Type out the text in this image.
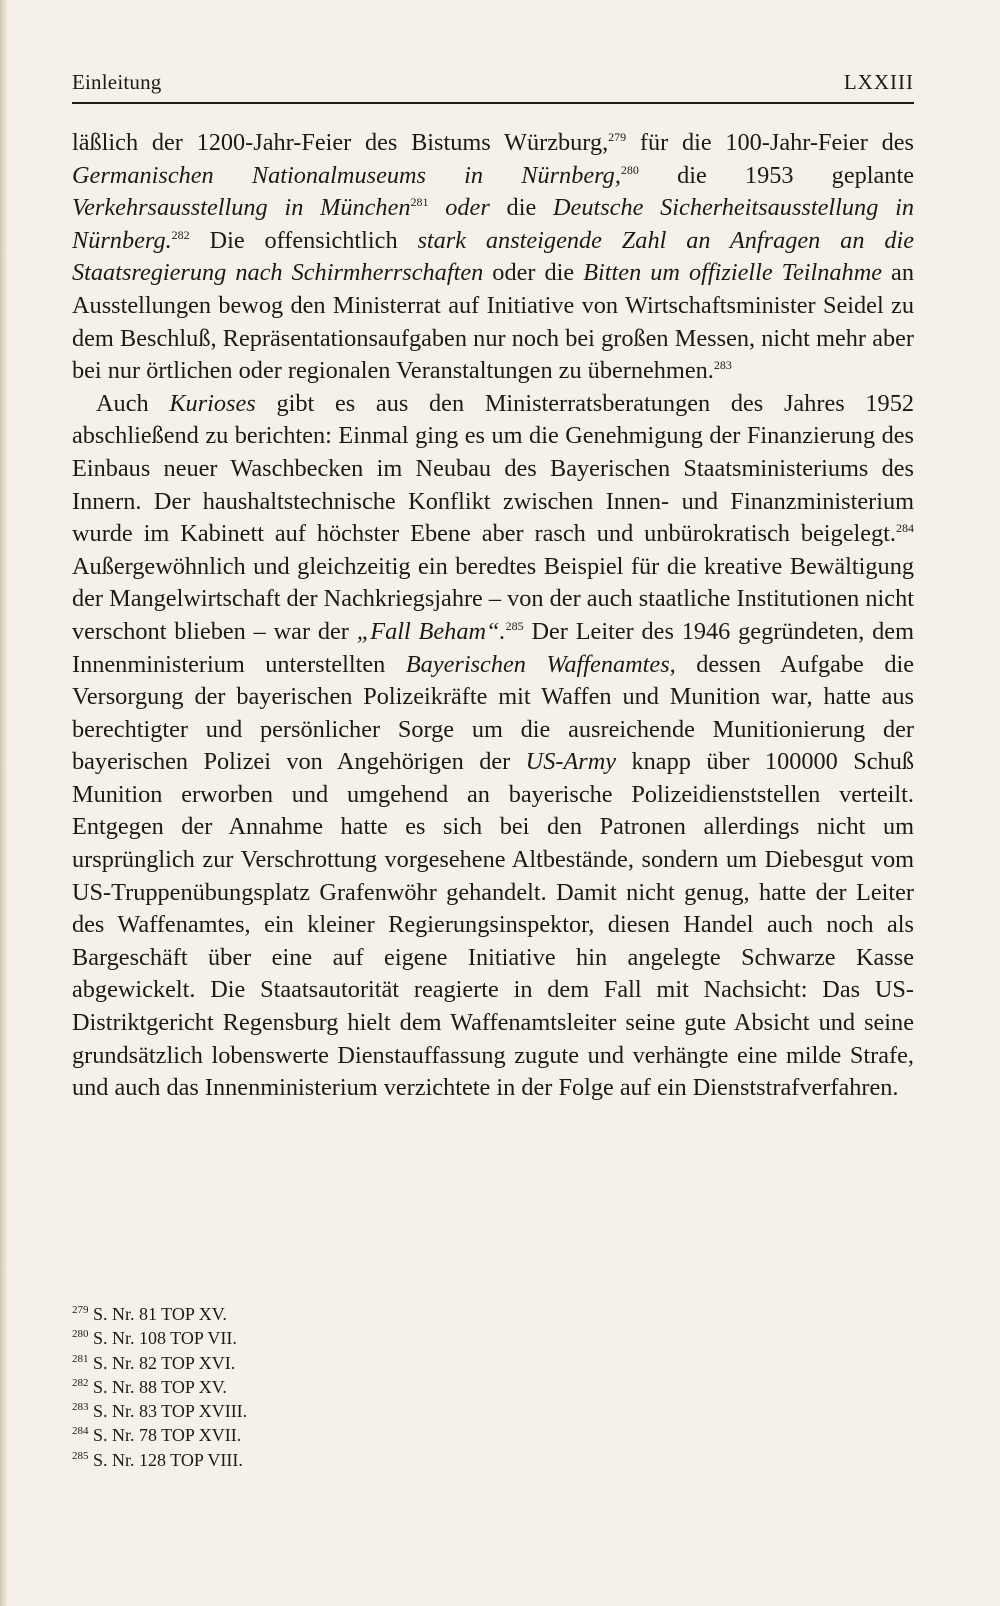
Einleitung	LXXIII

läßlich der 1200-Jahr-Feier des Bistums Würzburg,$^{279}$ für die 100-Jahr-Feier des Germanischen Nationalmuseums in Nürnberg,$^{280}$ die 1953 geplante Verkehrsausstellung in München$^{281}$ oder die Deutsche Sicherheitsausstellung in Nürnberg.$^{282}$ Die offensichtlich stark ansteigende Zahl an Anfragen an die Staatsregierung nach Schirmherrschaften oder die Bitten um offizielle Teilnahme an Ausstellungen bewog den Ministerrat auf Initiative von Wirtschaftsminister Seidel zu dem Beschluß, Repräsentationsaufgaben nur noch bei großen Messen, nicht mehr aber bei nur örtlichen oder regionalen Veranstaltungen zu übernehmen.$^{283}$

Auch Kurioses gibt es aus den Ministerratsberatungen des Jahres 1952 abschließend zu berichten: Einmal ging es um die Genehmigung der Finanzierung des Einbaus neuer Waschbecken im Neubau des Bayerischen Staatsministeriums des Innern. Der haushaltstechnische Konflikt zwischen Innen- und Finanzministerium wurde im Kabinett auf höchster Ebene aber rasch und unbürokratisch beigelegt.$^{284}$ Außergewöhnlich und gleichzeitig ein beredtes Beispiel für die kreative Bewältigung der Mangelwirtschaft der Nachkriegsjahre – von der auch staatliche Institutionen nicht verschont blieben – war der „Fall Beham“.$^{285}$ Der Leiter des 1946 gegründeten, dem Innenministerium unterstellten Bayerischen Waffenamtes, dessen Aufgabe die Versorgung der bayerischen Polizeikräfte mit Waffen und Munition war, hatte aus berechtigter und persönlicher Sorge um die ausreichende Munitionierung der bayerischen Polizei von Angehörigen der US-Army knapp über 100000 Schuß Munition erworben und umgehend an bayerische Polizeidienststellen verteilt. Entgegen der Annahme hatte es sich bei den Patronen allerdings nicht um ursprünglich zur Verschrottung vorgesehene Altbestände, sondern um Diebesgut vom US-Truppenübungsplatz Grafenwöhr gehandelt. Damit nicht genug, hatte der Leiter des Waffenamtes, ein kleiner Regierungsinspektor, diesen Handel auch noch als Bargeschäft über eine auf eigene Initiative hin angelegte Schwarze Kasse abgewickelt. Die Staatsautorität reagierte in dem Fall mit Nachsicht: Das US-Distriktgericht Regensburg hielt dem Waffenamtsleiter seine gute Absicht und seine grundsätzlich lobenswerte Dienstauffassung zugute und verhängte eine milde Strafe, und auch das Innenministerium verzichtete in der Folge auf ein Dienststrafverfahren.

$^{279}$ S. Nr. 81 TOP XV.
$^{280}$ S. Nr. 108 TOP VII.
$^{281}$ S. Nr. 82 TOP XVI.
$^{282}$ S. Nr. 88 TOP XV.
$^{283}$ S. Nr. 83 TOP XVIII.
$^{284}$ S. Nr. 78 TOP XVII.
$^{285}$ S. Nr. 128 TOP VIII.
